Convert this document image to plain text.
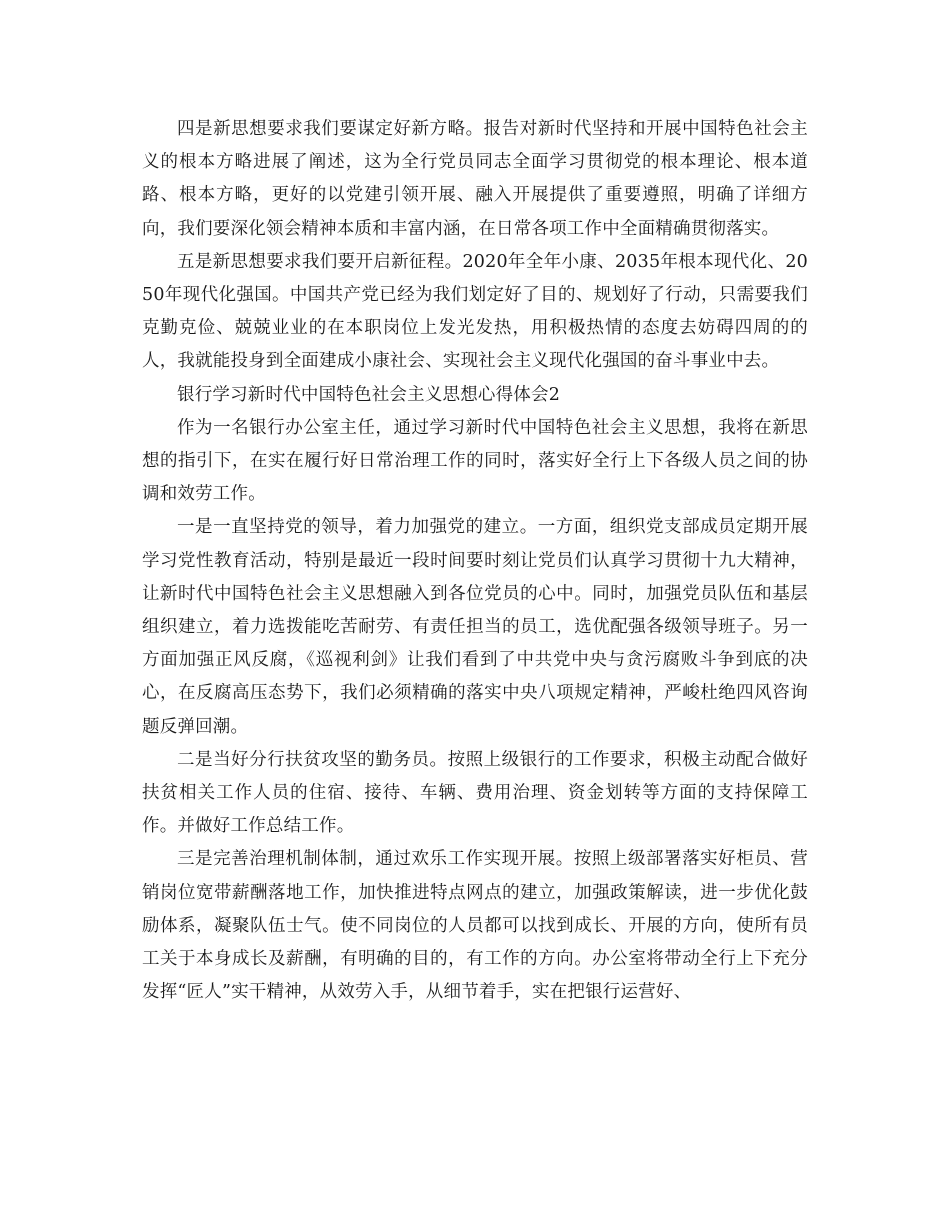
四是新思想要求我们要谋定好新方略。报告对新时代坚持和开展中国特色社会主义的根本方略进展了阐述，这为全行党员同志全面学习贯彻党的根本理论、根本道路、根本方略，更好的以党建引领开展、融入开展提供了重要遵照，明确了详细方向，我们要深化领会精神本质和丰富内涵，在日常各项工作中全面精确贯彻落实。

五是新思想要求我们要开启新征程。2020年全年小康、2035年根本现代化、2050年现代化强国。中国共产党已经为我们划定好了目的、规划好了行动，只需要我们克勤克俭、兢兢业业的在本职岗位上发光发热，用积极热情的态度去妨碍四周的的人，我就能投身到全面建成小康社会、实现社会主义现代化强国的奋斗事业中去。

银行学习新时代中国特色社会主义思想心得体会2

作为一名银行办公室主任，通过学习新时代中国特色社会主义思想，我将在新思想的指引下，在实在履行好日常治理工作的同时，落实好全行上下各级人员之间的协调和效劳工作。

一是一直坚持党的领导，着力加强党的建立。一方面，组织党支部成员定期开展学习党性教育活动，特别是最近一段时间要时刻让党员们认真学习贯彻十九大精神，让新时代中国特色社会主义思想融入到各位党员的心中。同时，加强党员队伍和基层组织建立，着力选拨能吃苦耐劳、有责任担当的员工，选优配强各级领导班子。另一方面加强正风反腐，《巡视利剑》让我们看到了中共党中央与贪污腐败斗争到底的决心，在反腐高压态势下，我们必须精确的落实中央八项规定精神，严峻杜绝四风咨询题反弹回潮。

二是当好分行扶贫攻坚的勤务员。按照上级银行的工作要求，积极主动配合做好扶贫相关工作人员的住宿、接待、车辆、费用治理、资金划转等方面的支持保障工作。并做好工作总结工作。

三是完善治理机制体制，通过欢乐工作实现开展。按照上级部署落实好柜员、营销岗位宽带薪酬落地工作，加快推进特点网点的建立，加强政策解读，进一步优化鼓励体系，凝聚队伍士气。使不同岗位的人员都可以找到成长、开展的方向，使所有员工关于本身成长及薪酬，有明确的目的，有工作的方向。办公室将带动全行上下充分发挥“匠人”实干精神，从效劳入手，从细节着手，实在把银行运营好、
